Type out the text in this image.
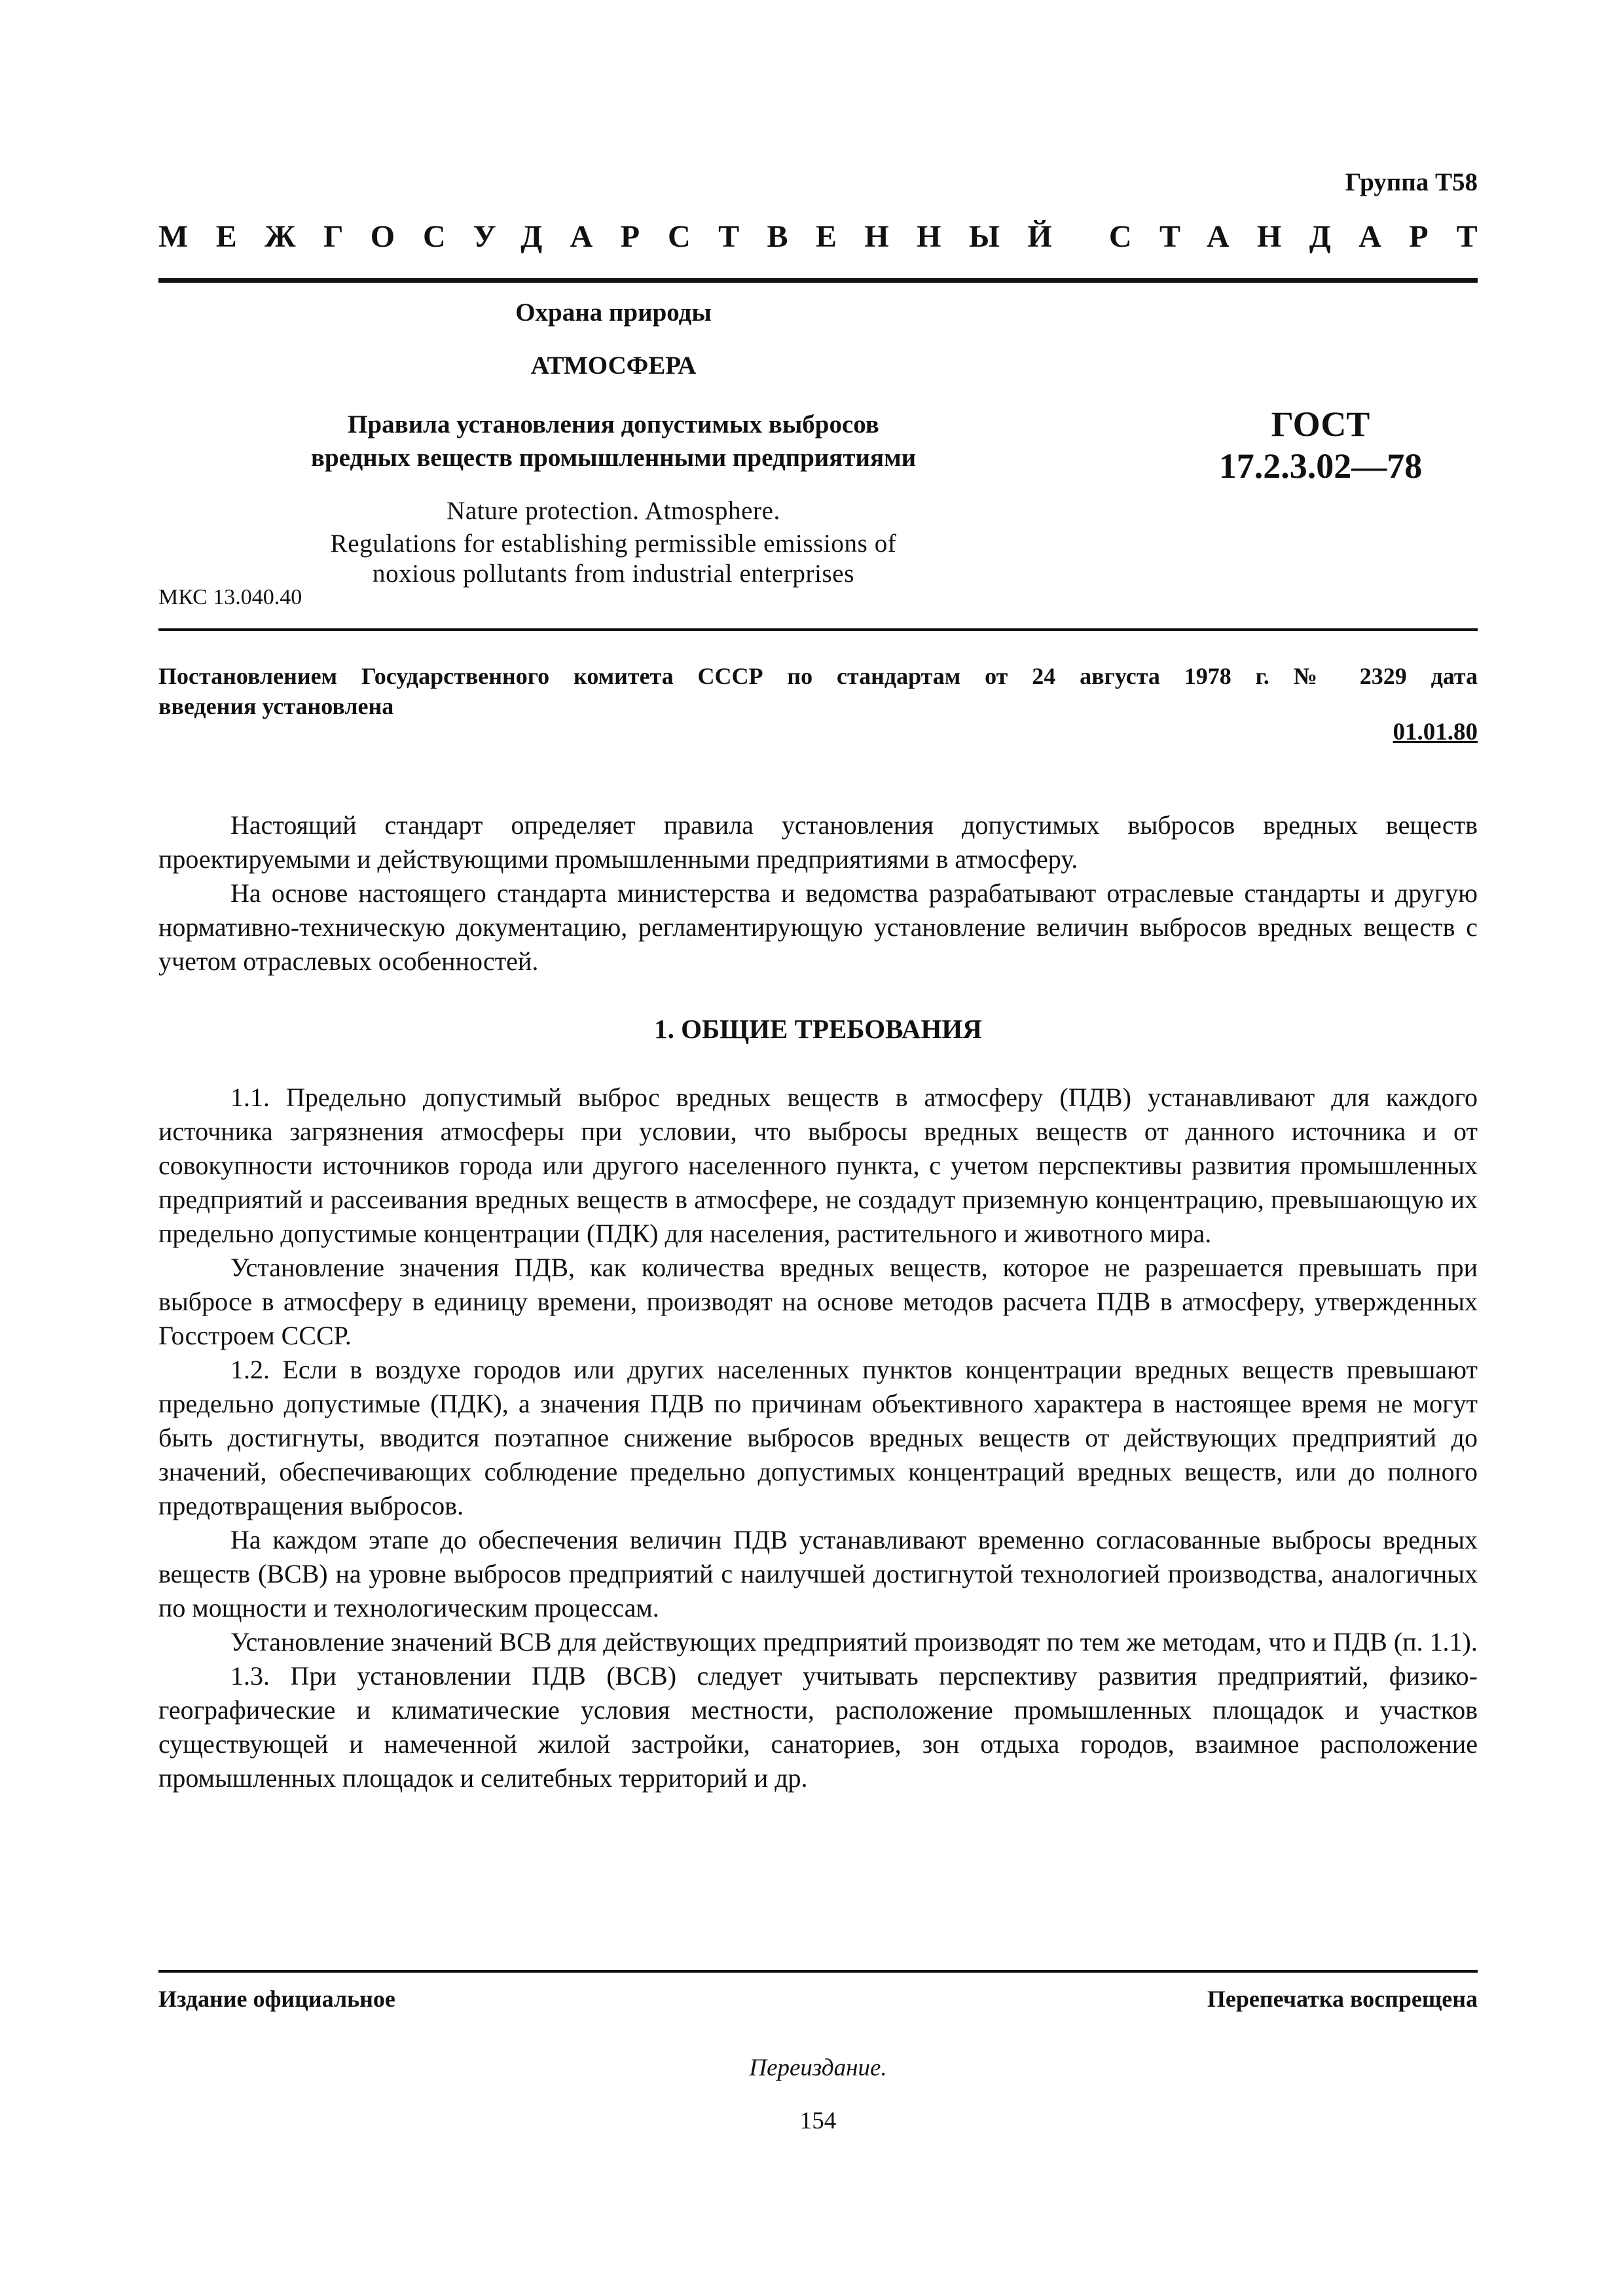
Группа Т58
МЕЖГОСУДАРСТВЕННЫЙ СТАНДАРТ
Охрана природы
АТМОСФЕРА
Правила установления допустимых выбросов
вредных веществ промышленными предприятиями
ГОСТ
17.2.3.02—78
Nature protection. Atmosphere.
Regulations for establishing permissible emissions of
noxious pollutants from industrial enterprises
МКС 13.040.40
Постановлением Государственного комитета СССР по стандартам от 24 августа 1978 г. № 2329 дата
введения установлена
01.01.80

Настоящий стандарт определяет правила установления допустимых выбросов вредных веществ проектируемыми и действующими промышленными предприятиями в атмосферу.

На основе настоящего стандарта министерства и ведомства разрабатывают отраслевые стандарты и другую нормативно-техническую документацию, регламентирующую установление величин выбросов вредных веществ с учетом отраслевых особенностей.

1. ОБЩИЕ ТРЕБОВАНИЯ

1.1. Предельно допустимый выброс вредных веществ в атмосферу (ПДВ) устанавливают для каждого источника загрязнения атмосферы при условии, что выбросы вредных веществ от данного источника и от совокупности источников города или другого населенного пункта, с учетом перспективы развития промышленных предприятий и рассеивания вредных веществ в атмосфере, не создадут приземную концентрацию, превышающую их предельно допустимые концентрации (ПДК) для населения, растительного и животного мира.

Установление значения ПДВ, как количества вредных веществ, которое не разрешается превышать при выбросе в атмосферу в единицу времени, производят на основе методов расчета ПДВ в атмосферу, утвержденных Госстроем СССР.

1.2. Если в воздухе городов или других населенных пунктов концентрации вредных веществ превышают предельно допустимые (ПДК), а значения ПДВ по причинам объективного характера в настоящее время не могут быть достигнуты, вводится поэтапное снижение выбросов вредных веществ от действующих предприятий до значений, обеспечивающих соблюдение предельно допустимых концентраций вредных веществ, или до полного предотвращения выбросов.

На каждом этапе до обеспечения величин ПДВ устанавливают временно согласованные выбросы вредных веществ (ВСВ) на уровне выбросов предприятий с наилучшей достигнутой технологией производства, аналогичных по мощности и технологическим процессам.

Установление значений ВСВ для действующих предприятий производят по тем же методам, что и ПДВ (п. 1.1).

1.3. При установлении ПДВ (ВСВ) следует учитывать перспективу развития предприятий, физико-географические и климатические условия местности, расположение промышленных площадок и участков существующей и намеченной жилой застройки, санаториев, зон отдыха городов, взаимное расположение промышленных площадок и селитебных территорий и др.

Издание официальное	Перепечатка воспрещена
Переиздание.
154
